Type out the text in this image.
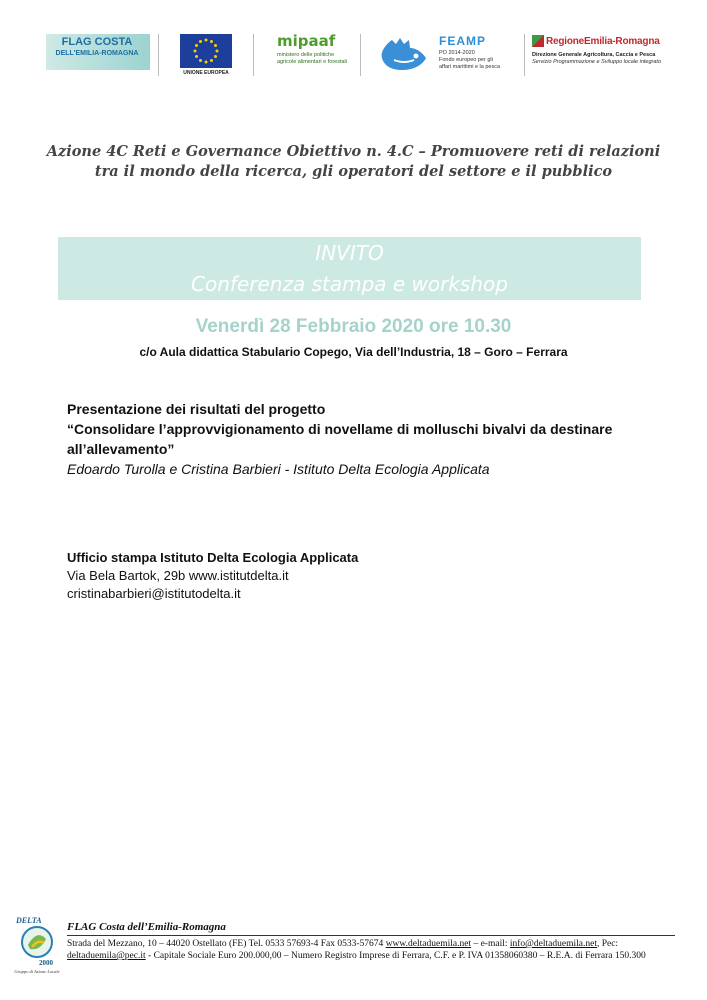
FLAG COSTA
DELL'EMILIA-ROMAGNA
UNIONE EUROPEA
mipaaf
ministero delle politiche
agricole alimentari e forestali
FEAMP
PO 2014-2020
Fondo europeo per gli
affari marittimi e la pesca
RegioneEmilia-Romagna
Direzione Generale Agricoltura, Caccia e Pesca
Servizio Programmazione e Sviluppo locale integrato
Azione 4C Reti e Governance Obiettivo n. 4.C – Promuovere reti di relazioni
tra il mondo della ricerca, gli operatori del settore e il pubblico
INVITO
Conferenza stampa e workshop
Venerdì 28 Febbraio 2020 ore 10.30
c/o Aula didattica Stabulario Copego, Via dell’Industria, 18 – Goro – Ferrara
Presentazione dei risultati del progetto
“Consolidare l’approvvigionamento di novellame di molluschi bivalvi da destinare
all’allevamento”
Edoardo Turolla e Cristina Barbieri - Istituto Delta Ecologia Applicata
Ufficio stampa Istituto Delta Ecologia Applicata
Via Bela Bartok, 29b www.istitutdelta.it
cristinabarbieri@istitutodelta.it
DELTA
2000
Gruppo di Azione Locale
FLAG Costa dell’Emilia-Romagna
Strada del Mezzano, 10 – 44020 Ostellato (FE) Tel. 0533 57693-4 Fax 0533-57674 www.deltaduemila.net – e-mail: info@deltaduemila.net, Pec:
deltaduemila@pec.it - Capitale Sociale Euro 200.000,00 – Numero Registro Imprese di Ferrara, C.F. e P. IVA 01358060380 – R.E.A. di Ferrara 150.300
